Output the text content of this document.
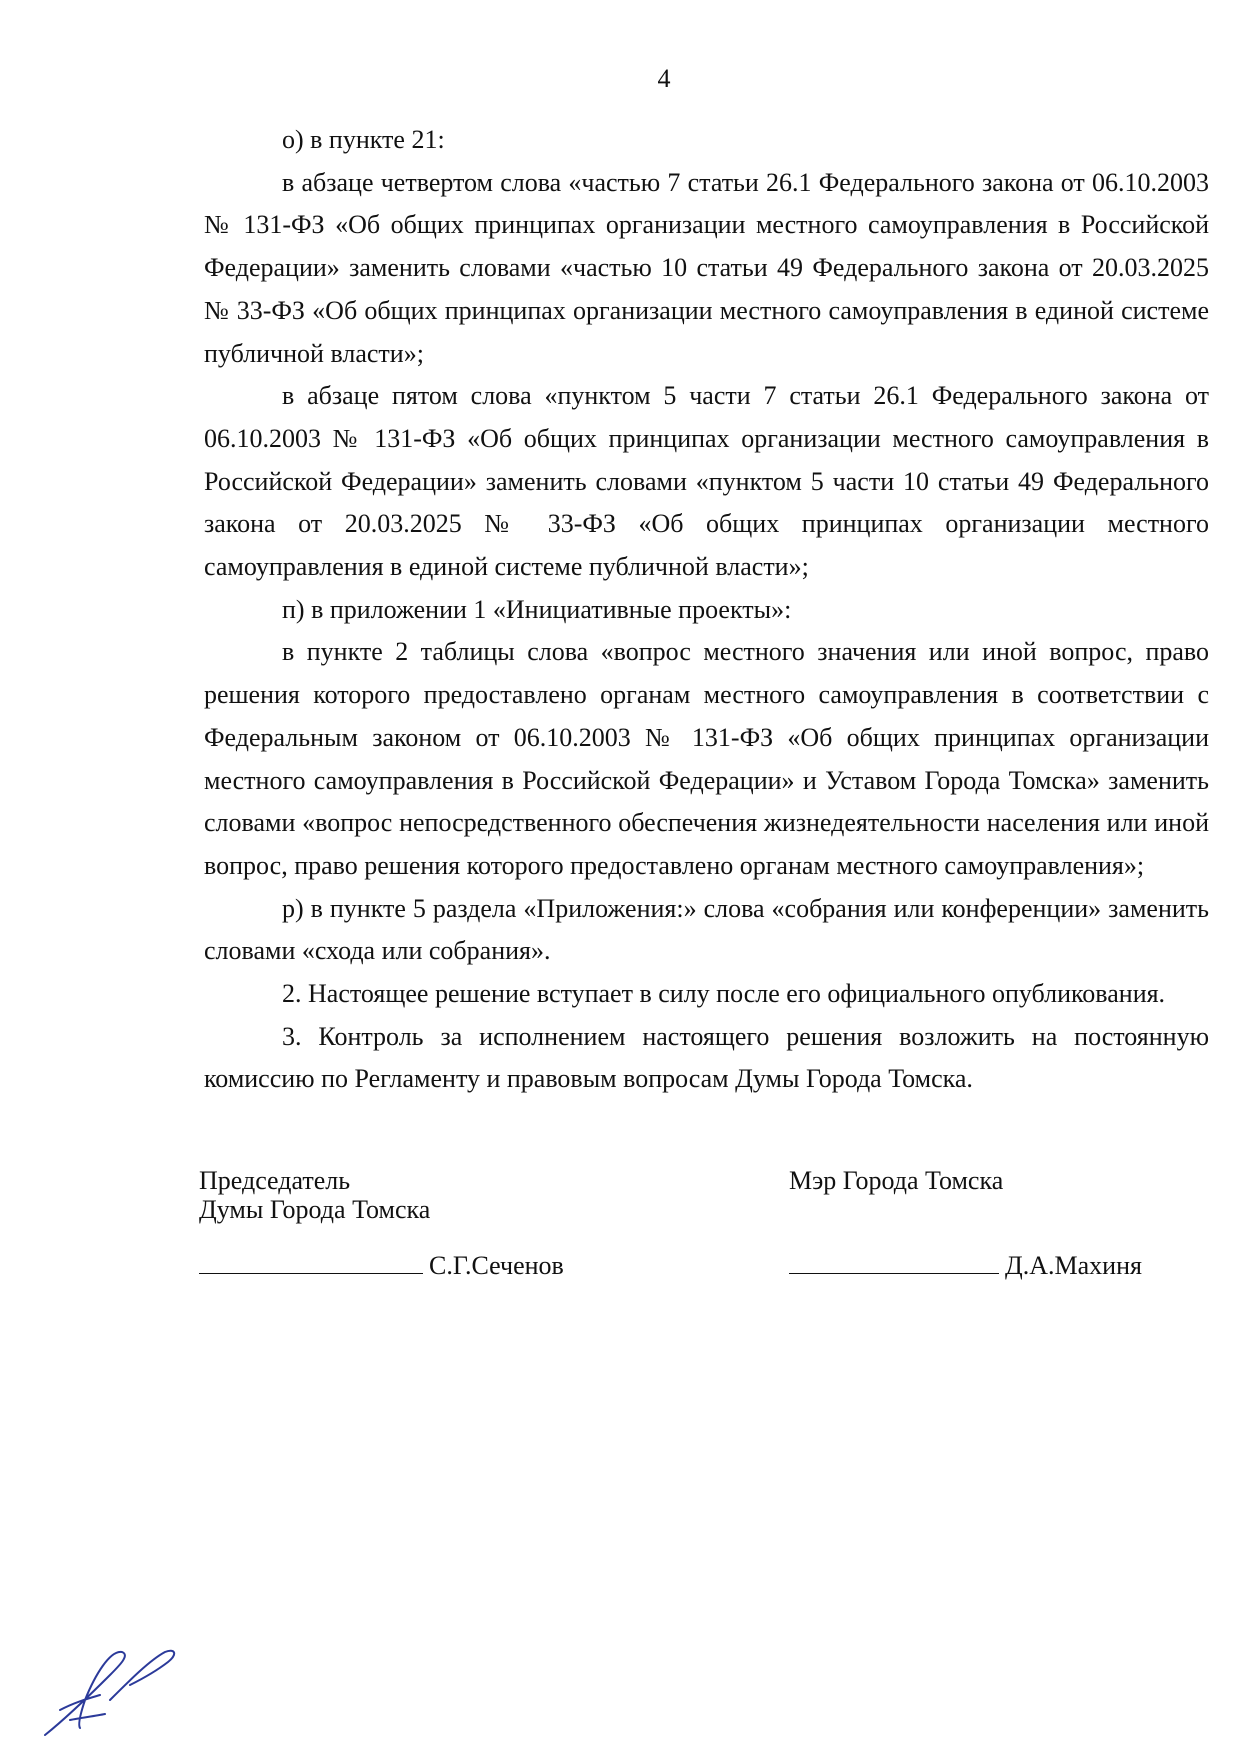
4

о) в пункте 21:

в абзаце четвертом слова «частью 7 статьи 26.1 Федерального закона от 06.10.2003 № 131-ФЗ «Об общих принципах организации местного самоуправления в Российской Федерации» заменить словами «частью 10 статьи 49 Федерального закона от 20.03.2025 № 33-ФЗ «Об общих принципах организации местного самоуправления в единой системе публичной власти»;

в абзаце пятом слова «пунктом 5 части 7 статьи 26.1 Федерального закона от 06.10.2003 № 131-ФЗ «Об общих принципах организации местного самоуправления в Российской Федерации» заменить словами «пунктом 5 части 10 статьи 49 Федерального закона от 20.03.2025 № 33-ФЗ «Об общих принципах организации местного самоуправления в единой системе публичной власти»;

п) в приложении 1 «Инициативные проекты»:

в пункте 2 таблицы слова «вопрос местного значения или иной вопрос, право решения которого предоставлено органам местного самоуправления в соответствии с Федеральным законом от 06.10.2003 № 131-ФЗ «Об общих принципах организации местного самоуправления в Российской Федерации» и Уставом Города Томска» заменить словами «вопрос непосредственного обеспечения жизнедеятельности населения или иной вопрос, право решения которого предоставлено органам местного самоуправления»;

р) в пункте 5 раздела «Приложения:» слова «собрания или конференции» заменить словами «схода или собрания».

2. Настоящее решение вступает в силу после его официального опубликования.

3. Контроль за исполнением настоящего решения возложить на постоянную комиссию по Регламенту и правовым вопросам Думы Города Томска.

Председатель
Думы Города Томска
С.Г.Сеченов
Мэр Города Томска
Д.А.Махиня
